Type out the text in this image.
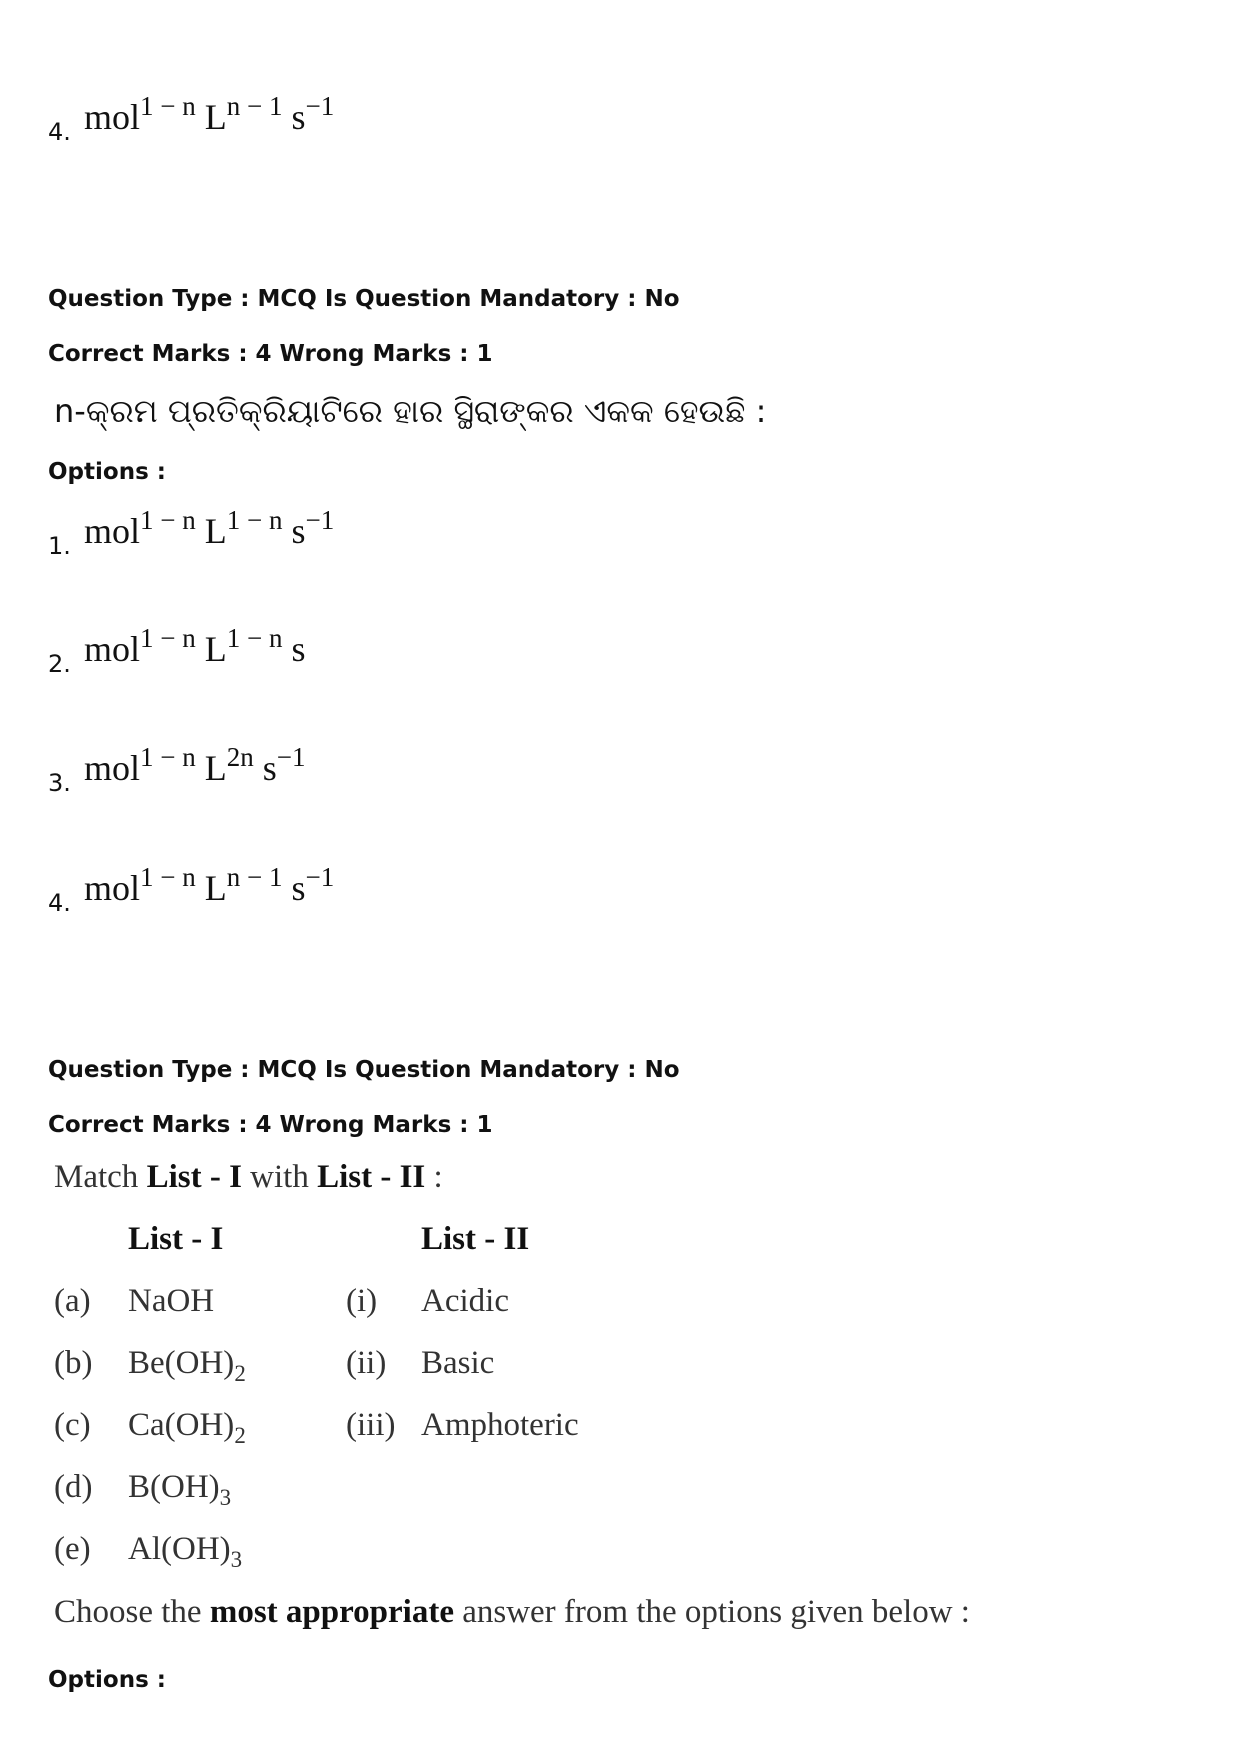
4. mol$^{1 - n}$ $L^{n - 1}$ $s^{-1}$
Question Type : MCQ Is Question Mandatory : No
Correct Marks : 4 Wrong Marks : 1
n-କ୍ରମ ପ୍ରତିକ୍ରିୟାଟିରେ ହାର ସ୍ଥିରାଙ୍କର ଏକକ ହେଉଛି :
Options :
1. mol$^{1 - n}$ $L^{1 - n}$ $s^{-1}$
2. mol$^{1 - n}$ $L^{1 - n}$ s
3. mol$^{1 - n}$ $L^{2n}$ $s^{-1}$
4. mol$^{1 - n}$ $L^{n - 1}$ $s^{-1}$
Question Type : MCQ Is Question Mandatory : No
Correct Marks : 4 Wrong Marks : 1
Match List - I with List - II :
List - I	List - II
(a) NaOH
(b) $Be(OH)_2$
(c) $Ca(OH)_2$
(d) $B(OH)_3$
(e) $Al(OH)_3$
(i) Acidic
(ii) Basic
(iii) Amphoteric
Choose the most appropriate answer from the options given below :
Options :
